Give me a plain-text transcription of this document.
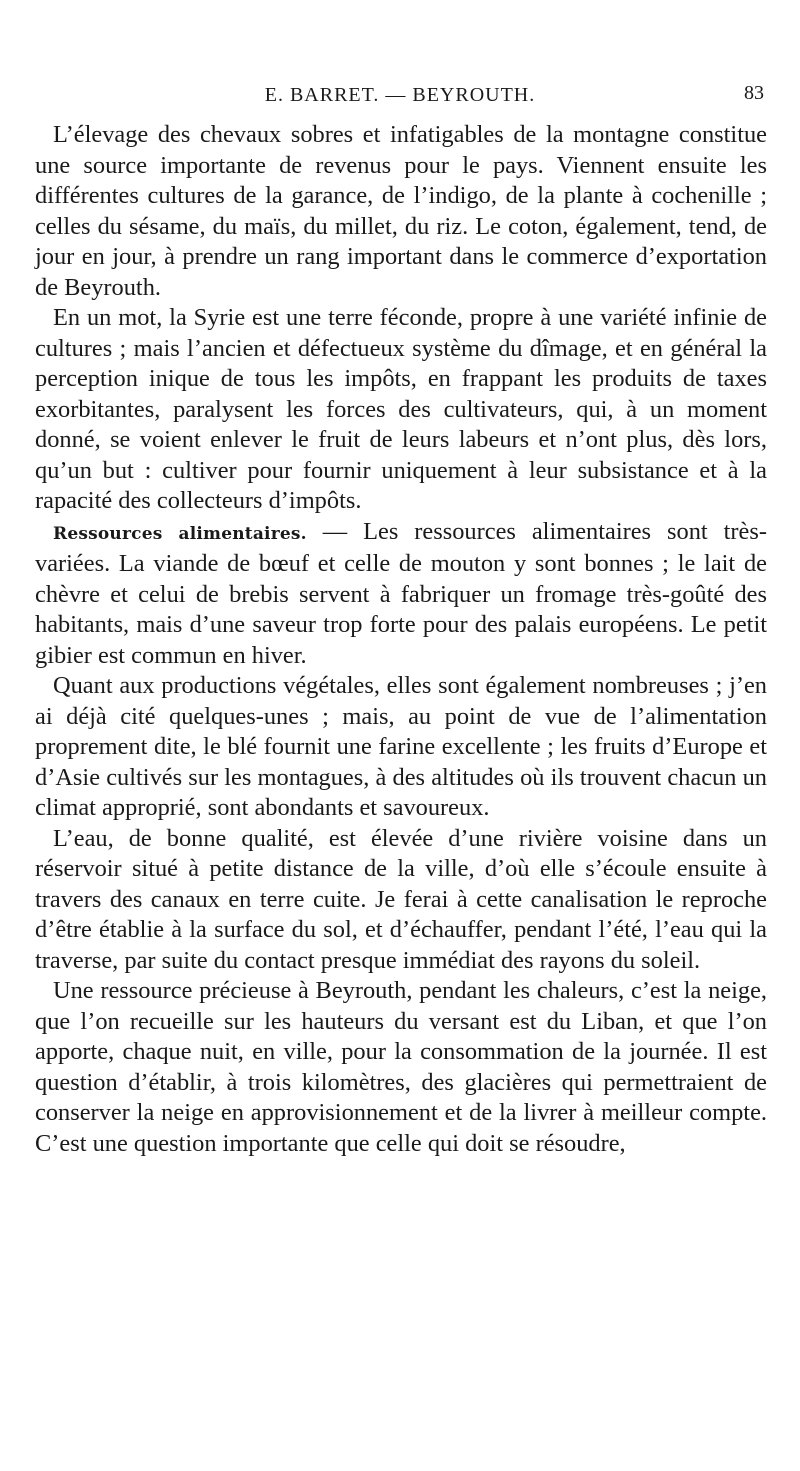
E. BARRET. — BEYROUTH.	83

L’élevage des chevaux sobres et infatigables de la montagne constitue une source importante de revenus pour le pays. Viennent ensuite les différentes cultures de la garance, de l’indigo, de la plante à cochenille ; celles du sésame, du maïs, du millet, du riz. Le coton, également, tend, de jour en jour, à prendre un rang important dans le commerce d’exportation de Beyrouth.

En un mot, la Syrie est une terre féconde, propre à une variété infinie de cultures ; mais l’ancien et défectueux système du dîmage, et en général la perception inique de tous les impôts, en frappant les produits de taxes exorbitantes, paralysent les forces des cultivateurs, qui, à un moment donné, se voient enlever le fruit de leurs labeurs et n’ont plus, dès lors, qu’un but : cultiver pour fournir uniquement à leur subsistance et à la rapacité des collecteurs d’impôts.

Ressources alimentaires. — Les ressources alimentaires sont très-variées. La viande de bœuf et celle de mouton y sont bonnes ; le lait de chèvre et celui de brebis servent à fabriquer un fromage très-goûté des habitants, mais d’une saveur trop forte pour des palais européens. Le petit gibier est commun en hiver.

Quant aux productions végétales, elles sont également nombreuses ; j’en ai déjà cité quelques-unes ; mais, au point de vue de l’alimentation proprement dite, le blé fournit une farine excellente ; les fruits d’Europe et d’Asie cultivés sur les montagues, à des altitudes où ils trouvent chacun un climat approprié, sont abondants et savoureux.

L’eau, de bonne qualité, est élevée d’une rivière voisine dans un réservoir situé à petite distance de la ville, d’où elle s’écoule ensuite à travers des canaux en terre cuite. Je ferai à cette canalisation le reproche d’être établie à la surface du sol, et d’échauffer, pendant l’été, l’eau qui la traverse, par suite du contact presque immédiat des rayons du soleil.

Une ressource précieuse à Beyrouth, pendant les chaleurs, c’est la neige, que l’on recueille sur les hauteurs du versant est du Liban, et que l’on apporte, chaque nuit, en ville, pour la consommation de la journée. Il est question d’établir, à trois kilomètres, des glacières qui permettraient de conserver la neige en approvisionnement et de la livrer à meilleur compte. C’est une question importante que celle qui doit se résoudre,
